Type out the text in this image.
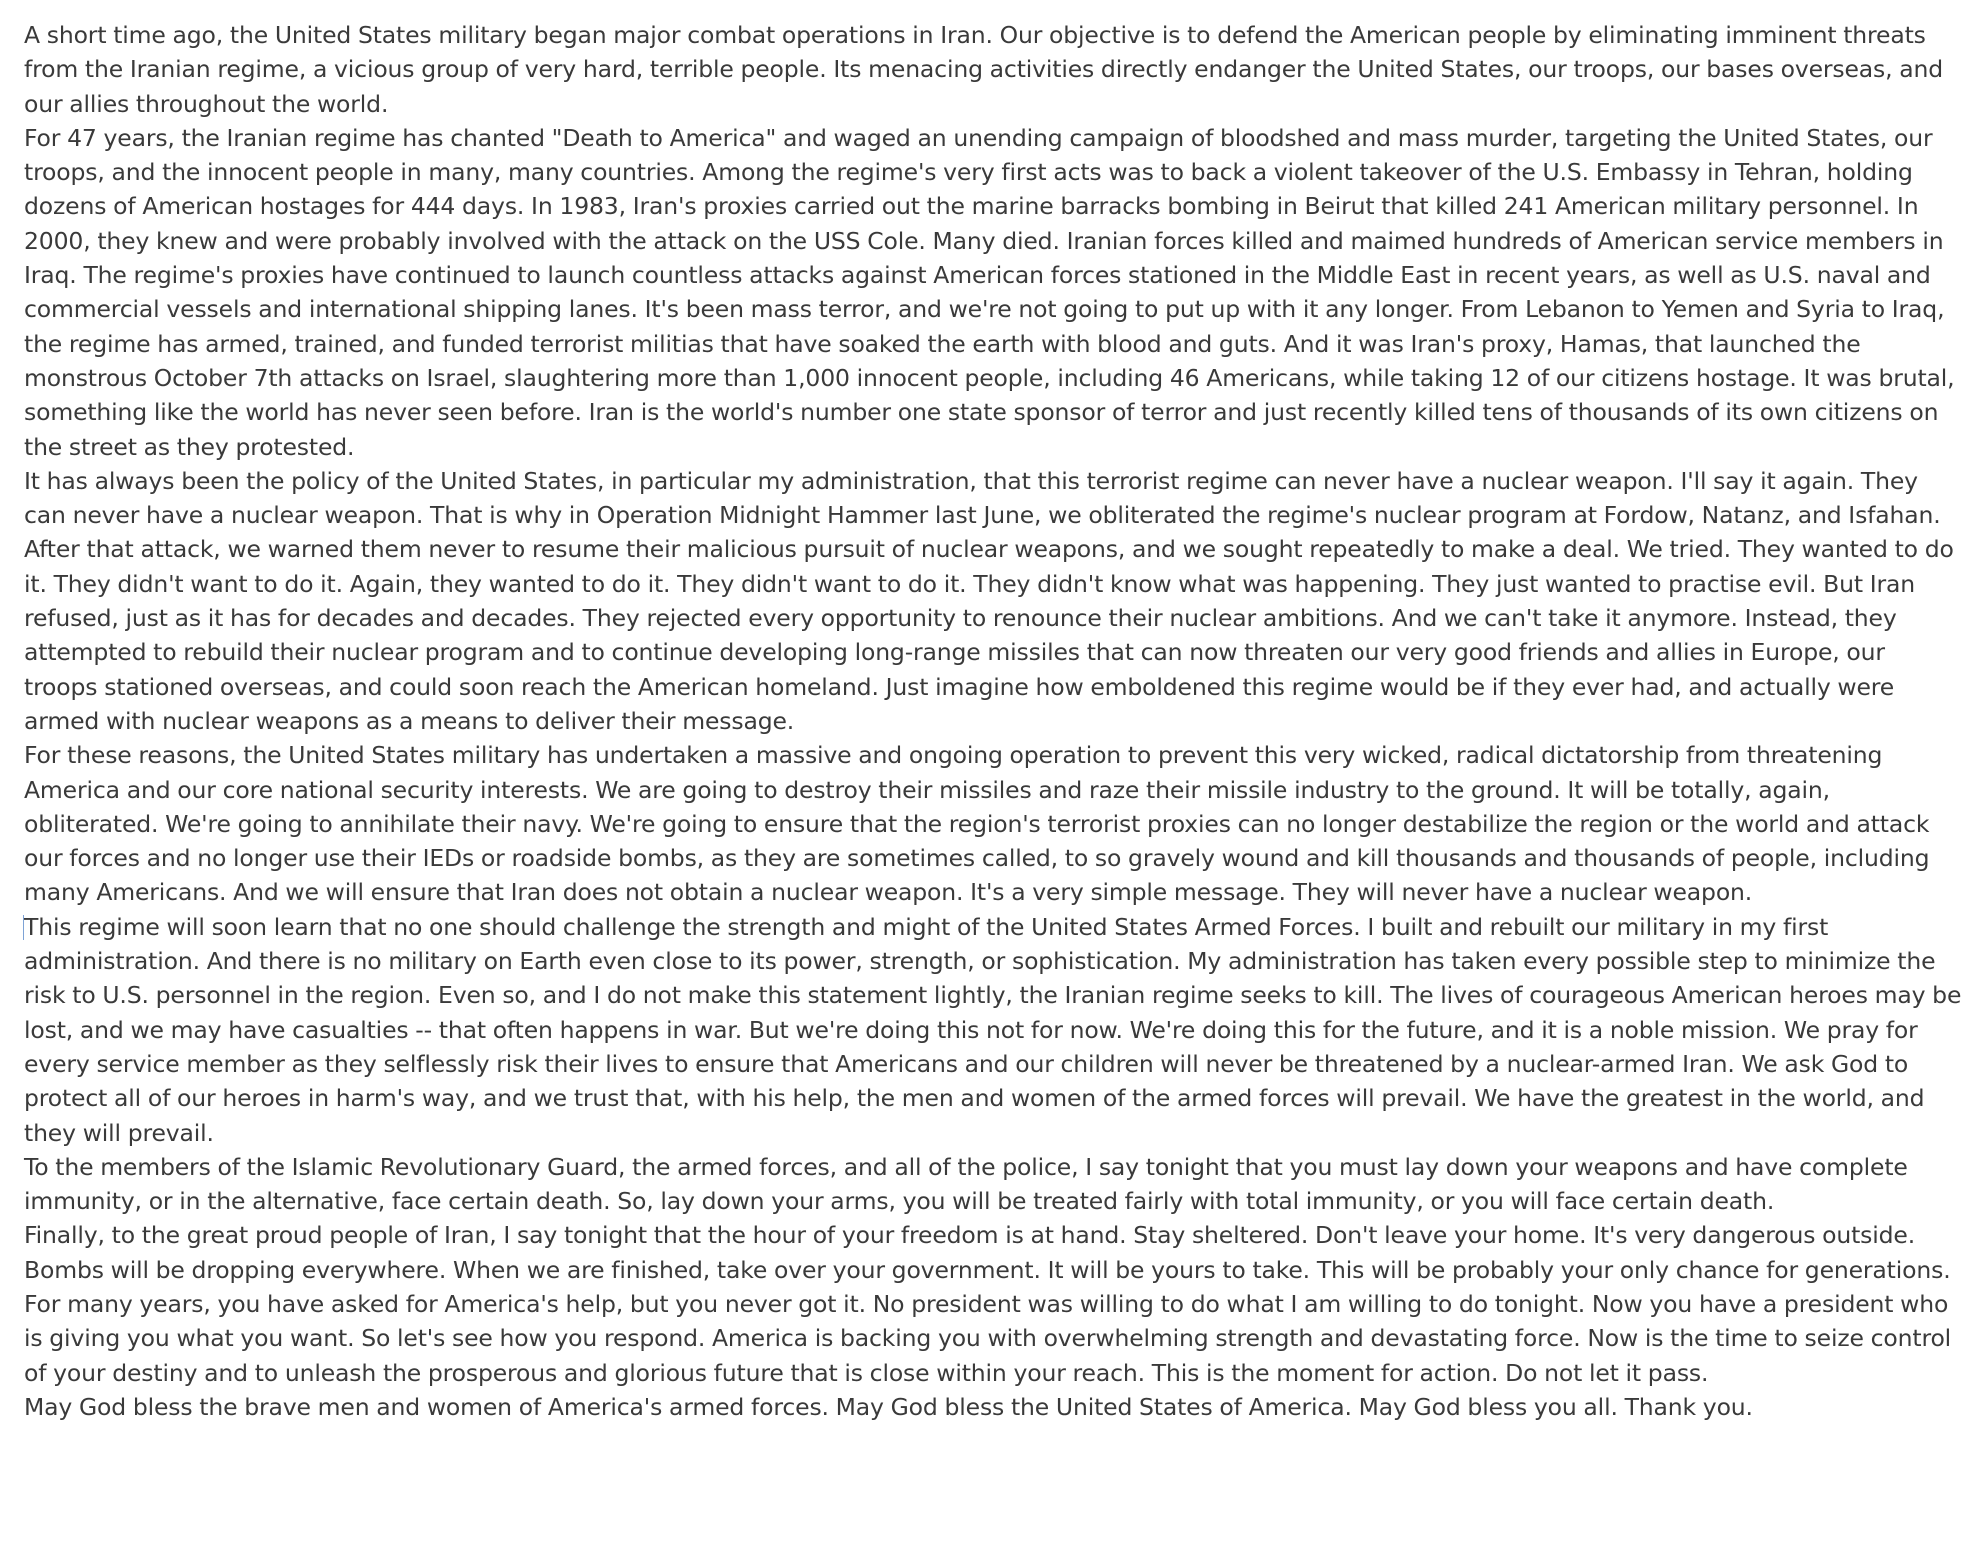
A short time ago, the United States military began major combat operations in Iran. Our objective is to defend the American people by eliminating imminent threats from the Iranian regime, a vicious group of very hard, terrible people. Its menacing activities directly endanger the United States, our troops, our bases overseas, and our allies throughout the world.

For 47 years, the Iranian regime has chanted "Death to America" and waged an unending campaign of bloodshed and mass murder, targeting the United States, our troops, and the innocent people in many, many countries. Among the regime's very first acts was to back a violent takeover of the U.S. Embassy in Tehran, holding dozens of American hostages for 444 days. In 1983, Iran's proxies carried out the marine barracks bombing in Beirut that killed 241 American military personnel. In 2000, they knew and were probably involved with the attack on the USS Cole. Many died. Iranian forces killed and maimed hundreds of American service members in Iraq. The regime's proxies have continued to launch countless attacks against American forces stationed in the Middle East in recent years, as well as U.S. naval and commercial vessels and international shipping lanes. It's been mass terror, and we're not going to put up with it any longer. From Lebanon to Yemen and Syria to Iraq, the regime has armed, trained, and funded terrorist militias that have soaked the earth with blood and guts. And it was Iran's proxy, Hamas, that launched the monstrous October 7th attacks on Israel, slaughtering more than 1,000 innocent people, including 46 Americans, while taking 12 of our citizens hostage. It was brutal, something like the world has never seen before. Iran is the world's number one state sponsor of terror and just recently killed tens of thousands of its own citizens on the street as they protested.

It has always been the policy of the United States, in particular my administration, that this terrorist regime can never have a nuclear weapon. I'll say it again. They can never have a nuclear weapon. That is why in Operation Midnight Hammer last June, we obliterated the regime's nuclear program at Fordow, Natanz, and Isfahan. After that attack, we warned them never to resume their malicious pursuit of nuclear weapons, and we sought repeatedly to make a deal. We tried. They wanted to do it. They didn't want to do it. Again, they wanted to do it. They didn't want to do it. They didn't know what was happening. They just wanted to practise evil. But Iran refused, just as it has for decades and decades. They rejected every opportunity to renounce their nuclear ambitions. And we can't take it anymore. Instead, they attempted to rebuild their nuclear program and to continue developing long-range missiles that can now threaten our very good friends and allies in Europe, our troops stationed overseas, and could soon reach the American homeland. Just imagine how emboldened this regime would be if they ever had, and actually were armed with nuclear weapons as a means to deliver their message.

For these reasons, the United States military has undertaken a massive and ongoing operation to prevent this very wicked, radical dictatorship from threatening America and our core national security interests. We are going to destroy their missiles and raze their missile industry to the ground. It will be totally, again, obliterated. We're going to annihilate their navy. We're going to ensure that the region's terrorist proxies can no longer destabilize the region or the world and attack our forces and no longer use their IEDs or roadside bombs, as they are sometimes called, to so gravely wound and kill thousands and thousands of people, including many Americans. And we will ensure that Iran does not obtain a nuclear weapon. It's a very simple message. They will never have a nuclear weapon.

This regime will soon learn that no one should challenge the strength and might of the United States Armed Forces. I built and rebuilt our military in my first administration. And there is no military on Earth even close to its power, strength, or sophistication. My administration has taken every possible step to minimize the risk to U.S. personnel in the region. Even so, and I do not make this statement lightly, the Iranian regime seeks to kill. The lives of courageous American heroes may be lost, and we may have casualties -- that often happens in war. But we're doing this not for now. We're doing this for the future, and it is a noble mission. We pray for every service member as they selflessly risk their lives to ensure that Americans and our children will never be threatened by a nuclear-armed Iran. We ask God to protect all of our heroes in harm's way, and we trust that, with his help, the men and women of the armed forces will prevail. We have the greatest in the world, and they will prevail.

To the members of the Islamic Revolutionary Guard, the armed forces, and all of the police, I say tonight that you must lay down your weapons and have complete immunity, or in the alternative, face certain death. So, lay down your arms, you will be treated fairly with total immunity, or you will face certain death.

Finally, to the great proud people of Iran, I say tonight that the hour of your freedom is at hand. Stay sheltered. Don't leave your home. It's very dangerous outside. Bombs will be dropping everywhere. When we are finished, take over your government. It will be yours to take. This will be probably your only chance for generations. For many years, you have asked for America's help, but you never got it. No president was willing to do what I am willing to do tonight. Now you have a president who is giving you what you want. So let's see how you respond. America is backing you with overwhelming strength and devastating force. Now is the time to seize control of your destiny and to unleash the prosperous and glorious future that is close within your reach. This is the moment for action. Do not let it pass.

May God bless the brave men and women of America's armed forces. May God bless the United States of America. May God bless you all. Thank you.
